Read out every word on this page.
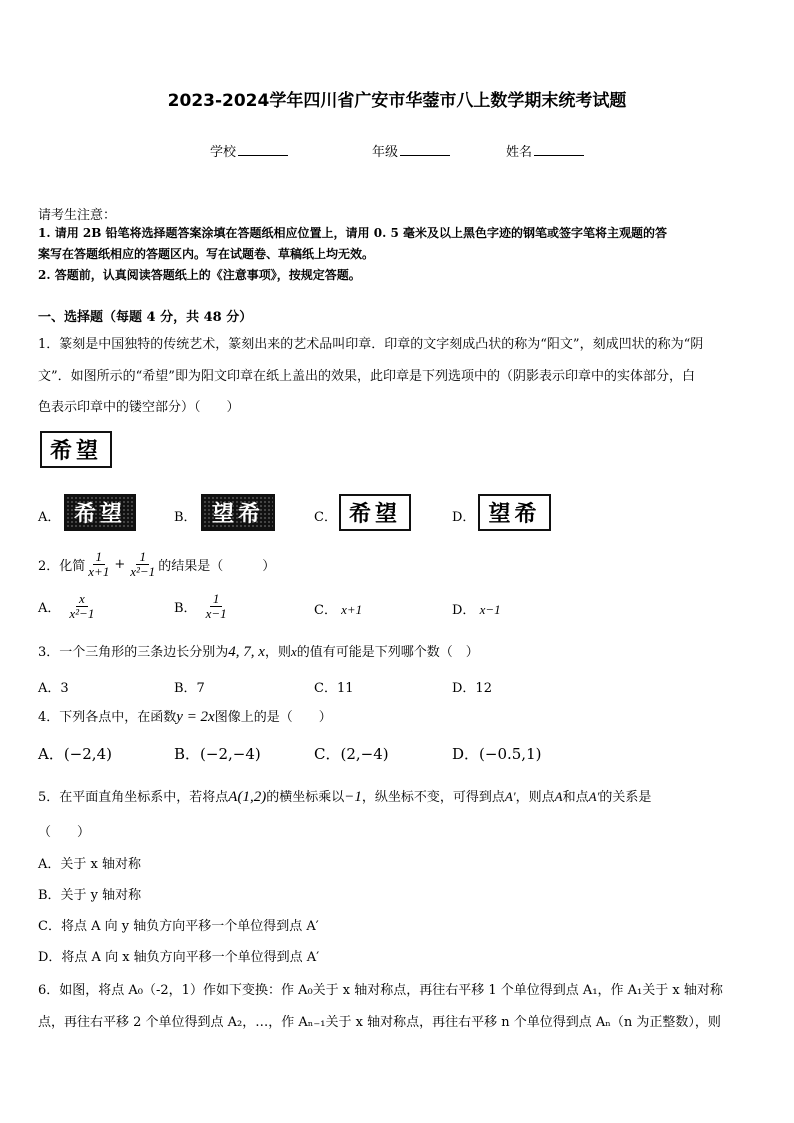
2023-2024学年四川省广安市华蓥市八上数学期末统考试题
学校	年级	姓名
请考生注意：
1. 请用 2B 铅笔将选择题答案涂填在答题纸相应位置上，请用 0. 5 毫米及以上黑色字迹的钢笔或签字笔将主观题的答
案写在答题纸相应的答题区内。写在试题卷、草稿纸上均无效。
2. 答题前，认真阅读答题纸上的《注意事项》，按规定答题。
一、选择题（每题 4 分，共 48 分）
1．篆刻是中国独特的传统艺术，篆刻出来的艺术品叫印章．印章的文字刻成凸状的称为“阳文”，刻成凹状的称为“阴
文”．如图所示的“希望”即为阳文印章在纸上盖出的效果，此印章是下列选项中的（阴影表示印章中的实体部分，白
色表示印章中的镂空部分）（　　）
希望
A． 希望	B． 望希	C． 希望	D． 望希
2．化简 $\frac{1}{x+1} + \frac{1}{\text{x²−1}}$ 的结果是（　　　）
A． $\frac{x}{\text{x²−1}}$	B． $\frac{1}{x-1}$	C． x+1	D． x−1
3．一个三角形的三条边长分别为4, 7, x，则x的值有可能是下列哪个数（　）
A．3	B．7	C．11	D．12
4．下列各点中，在函数y = 2x图像上的是（　　）
A．(−2,4)	B．(−2,−4)	C．(2,−4)	D．(−0.5,1)
5．在平面直角坐标系中，若将点A(1,2)的横坐标乘以−1，纵坐标不变，可得到点A′，则点A和点A′的关系是
（　　）
A．关于 x 轴对称
B．关于 y 轴对称
C．将点 A 向 y 轴负方向平移一个单位得到点 A′
D．将点 A 向 x 轴负方向平移一个单位得到点 A′
6．如图，将点 A₀（-2，1）作如下变换：作 A₀关于 x 轴对称点，再往右平移 1 个单位得到点 A₁，作 A₁关于 x 轴对称
点，再往右平移 2 个单位得到点 A₂，…，作 Aₙ₋₁关于 x 轴对称点，再往右平移 n 个单位得到点 Aₙ（n 为正整数），则
